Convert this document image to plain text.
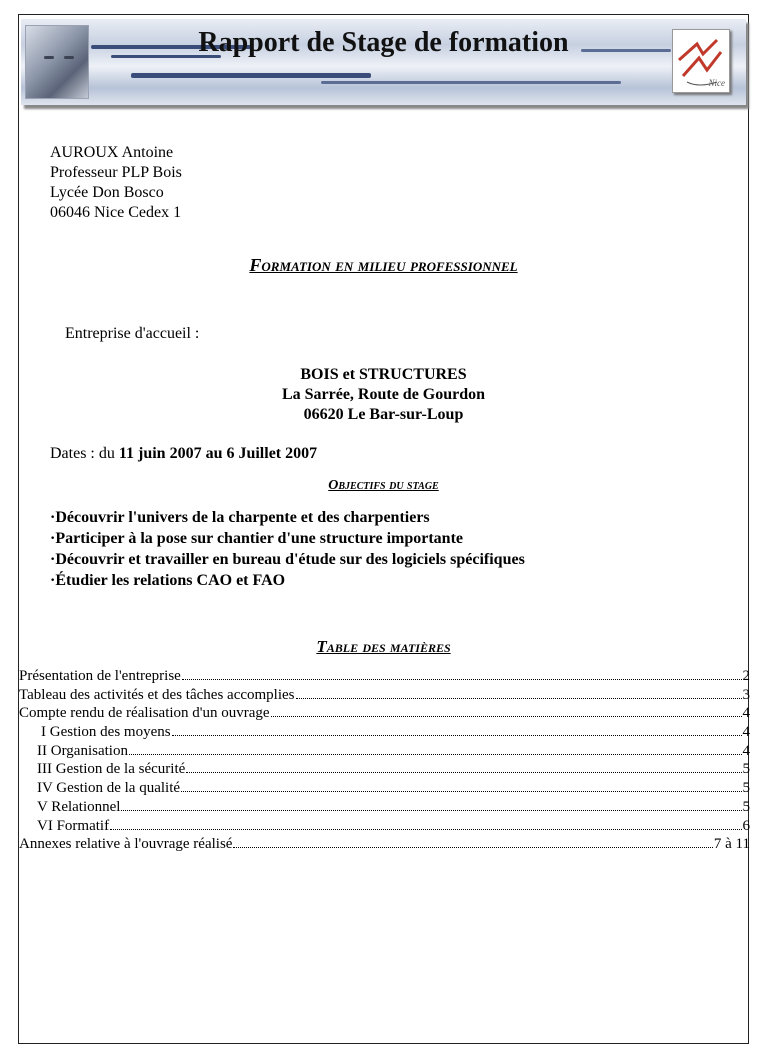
Rapport de Stage de formation
Nice
AUROUX Antoine
Professeur PLP Bois
Lycée Don Bosco
06046 Nice Cedex 1
Formation en milieu professionnel
Entreprise d'accueil :
BOIS et STRUCTURES
La Sarrée, Route de Gourdon
06620 Le Bar-sur-Loup
Dates : du 11 juin 2007 au 6 Juillet 2007
Objectifs du stage
·Découvrir l'univers de la charpente et des charpentiers
·Participer à la pose sur chantier d'une structure importante
·Découvrir et travailler en bureau d'étude sur des logiciels spécifiques
·Étudier les relations CAO et FAO
Table des matières
Présentation de l'entreprise	2
Tableau des activités et des tâches accomplies	3
Compte rendu de réalisation d'un ouvrage	4
I Gestion des moyens	4
II Organisation	4
III Gestion de la sécurité	5
IV Gestion de la qualité	5
V Relationnel	5
VI Formatif	6
Annexes relative à l'ouvrage réalisé	7 à 11
